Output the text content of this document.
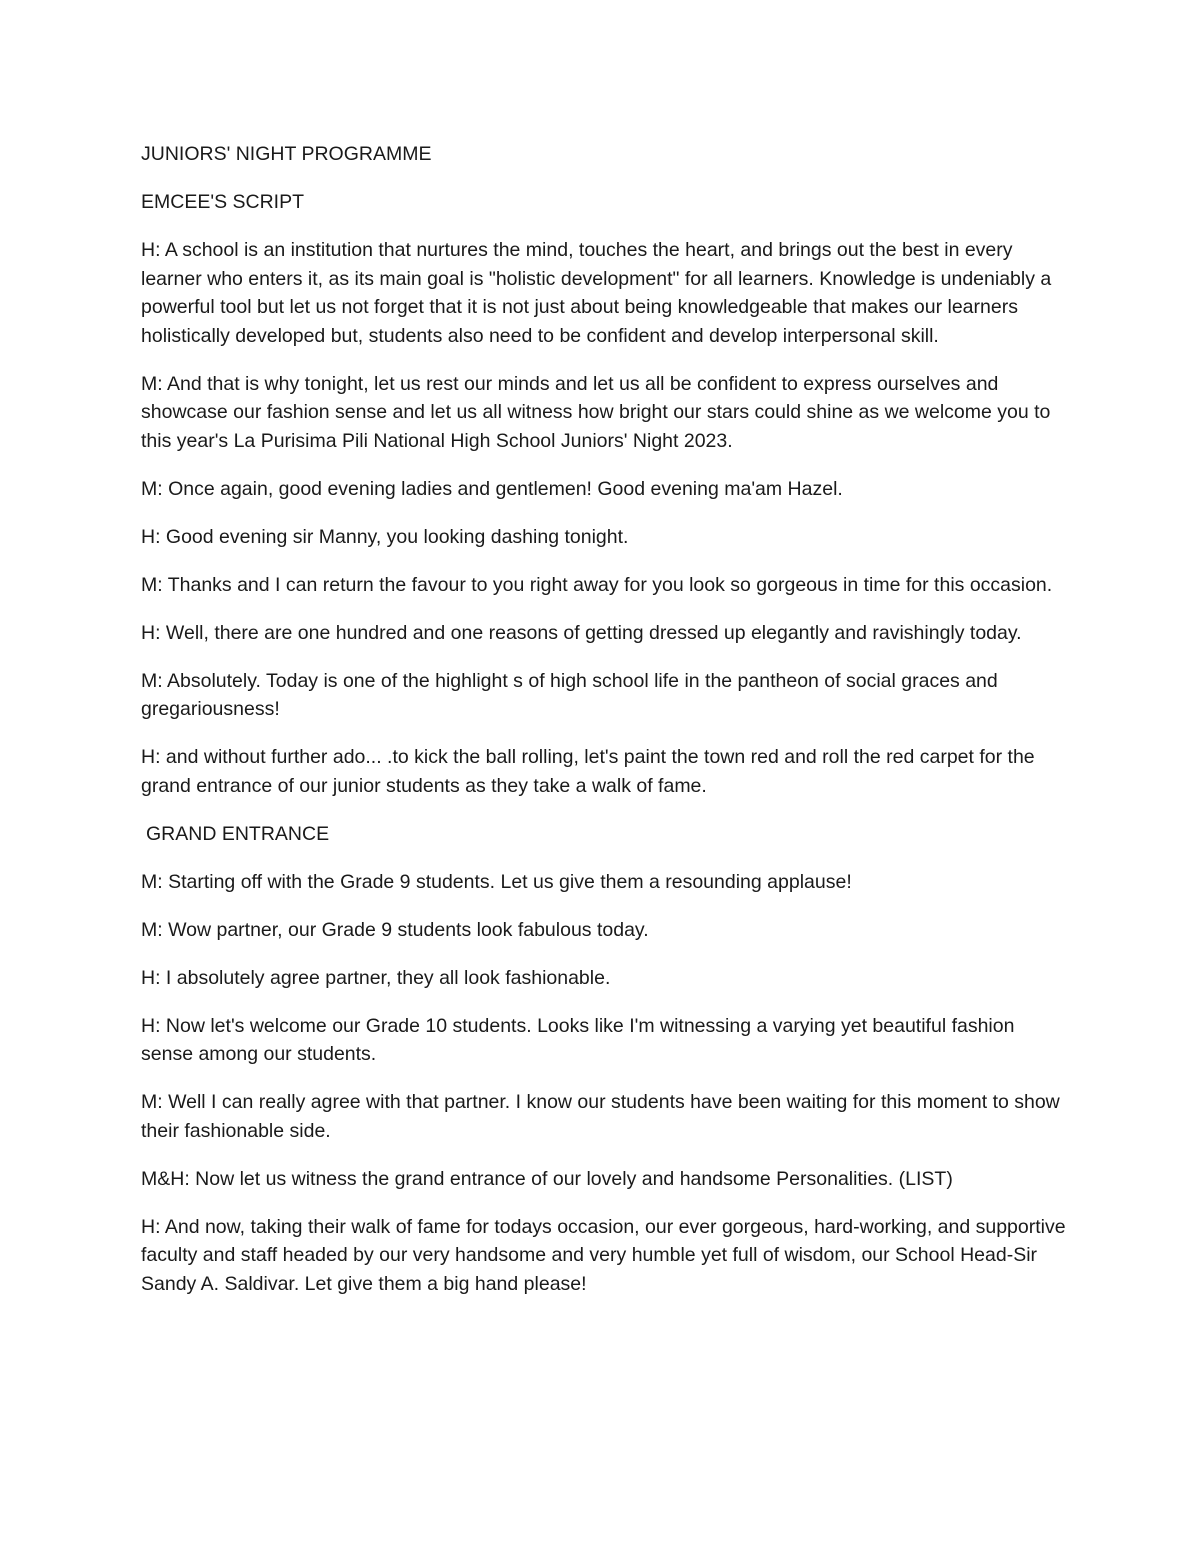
JUNIORS' NIGHT PROGRAMME

EMCEE'S SCRIPT

H: A school is an institution that nurtures the mind, touches the heart, and brings out the best in every learner who enters it, as its main goal is "holistic development" for all learners. Knowledge is undeniably a powerful tool but let us not forget that it is not just about being knowledgeable that makes our learners holistically developed but, students also need to be confident and develop interpersonal skill.

M: And that is why tonight, let us rest our minds and let us all be confident to express ourselves and showcase our fashion sense and let us all witness how bright our stars could shine as we welcome you to this year's La Purisima Pili National High School Juniors' Night 2023.

M: Once again, good evening ladies and gentlemen! Good evening ma'am Hazel.

H: Good evening sir Manny, you looking dashing tonight.

M: Thanks and I can return the favour to you right away for you look so gorgeous in time for this occasion.

H: Well, there are one hundred and one reasons of getting dressed up elegantly and ravishingly today.

M: Absolutely. Today is one of the highlight s of high school life in the pantheon of social graces and gregariousness!

H: and without further ado... .to kick the ball rolling, let's paint the town red and roll the red carpet for the grand entrance of our junior students as they take a walk of fame.

GRAND ENTRANCE

M: Starting off with the Grade 9 students. Let us give them a resounding applause!

M: Wow partner, our Grade 9 students look fabulous today.

H: I absolutely agree partner, they all look fashionable.

H: Now let's welcome our Grade 10 students. Looks like I'm witnessing a varying yet beautiful fashion sense among our students.

M: Well I can really agree with that partner. I know our students have been waiting for this moment to show their fashionable side.

M&H: Now let us witness the grand entrance of our lovely and handsome Personalities. (LIST)

H: And now, taking their walk of fame for todays occasion, our ever gorgeous, hard-working, and supportive faculty and staff headed by our very handsome and very humble yet full of wisdom, our School Head-Sir Sandy A. Saldivar. Let give them a big hand please!
